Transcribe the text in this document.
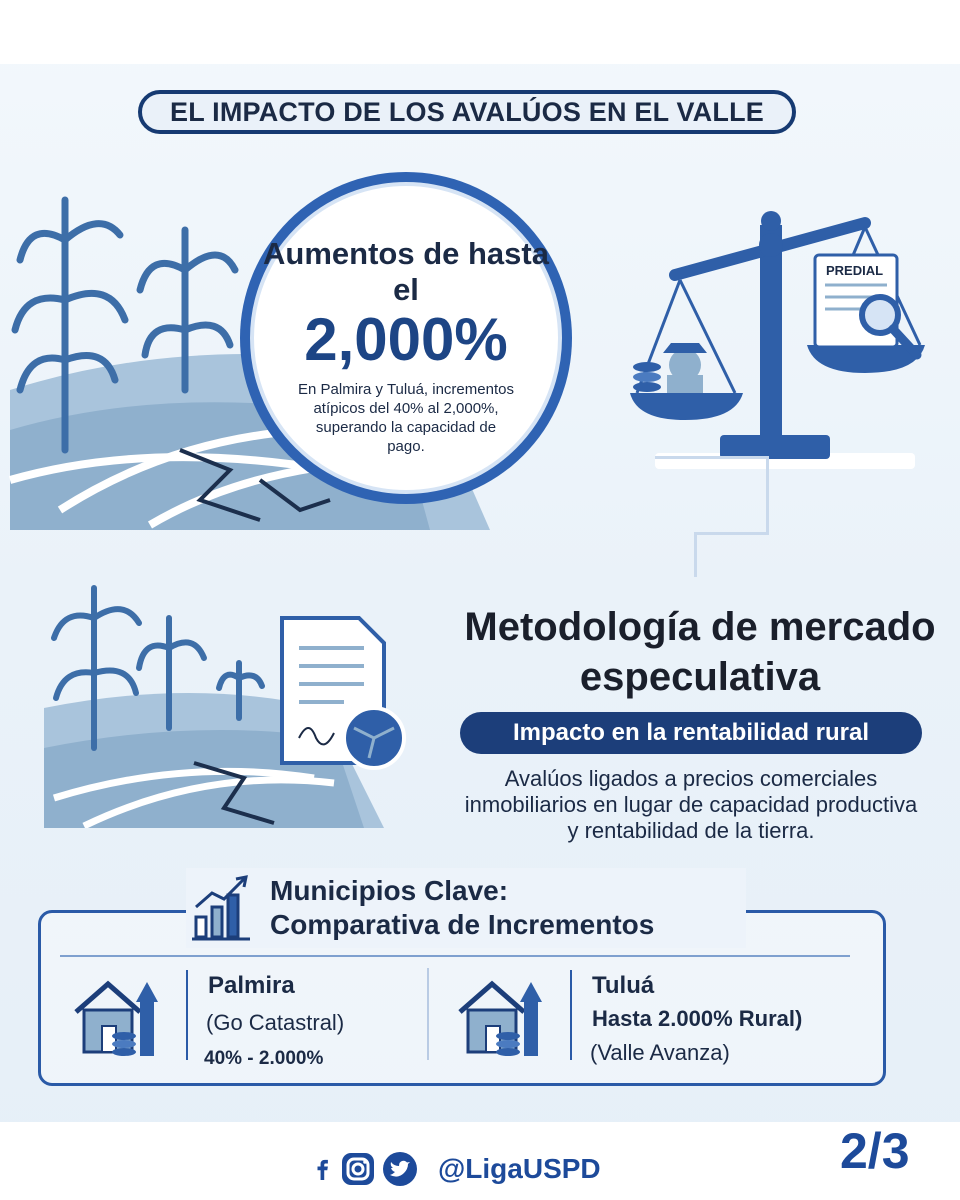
EL IMPACTO DE LOS AVALÚOS EN EL VALLE
Aumentos de hasta el
2,000%
En Palmira y Tuluá, incrementos atípicos del 40% al 2,000%, superando la capacidad de pago.
PREDIAL
Metodología de mercado especulativa
Impacto en la rentabilidad rural
Avalúos ligados a precios comerciales inmobiliarios en lugar de capacidad productiva y rentabilidad de la tierra.
Municipios Clave:
Comparativa de Incrementos
Palmira
(Go Catastral)
40% - 2.000%
Tuluá
Hasta 2.000% Rural)
(Valle Avanza)
@LigaUSPD	2/3
